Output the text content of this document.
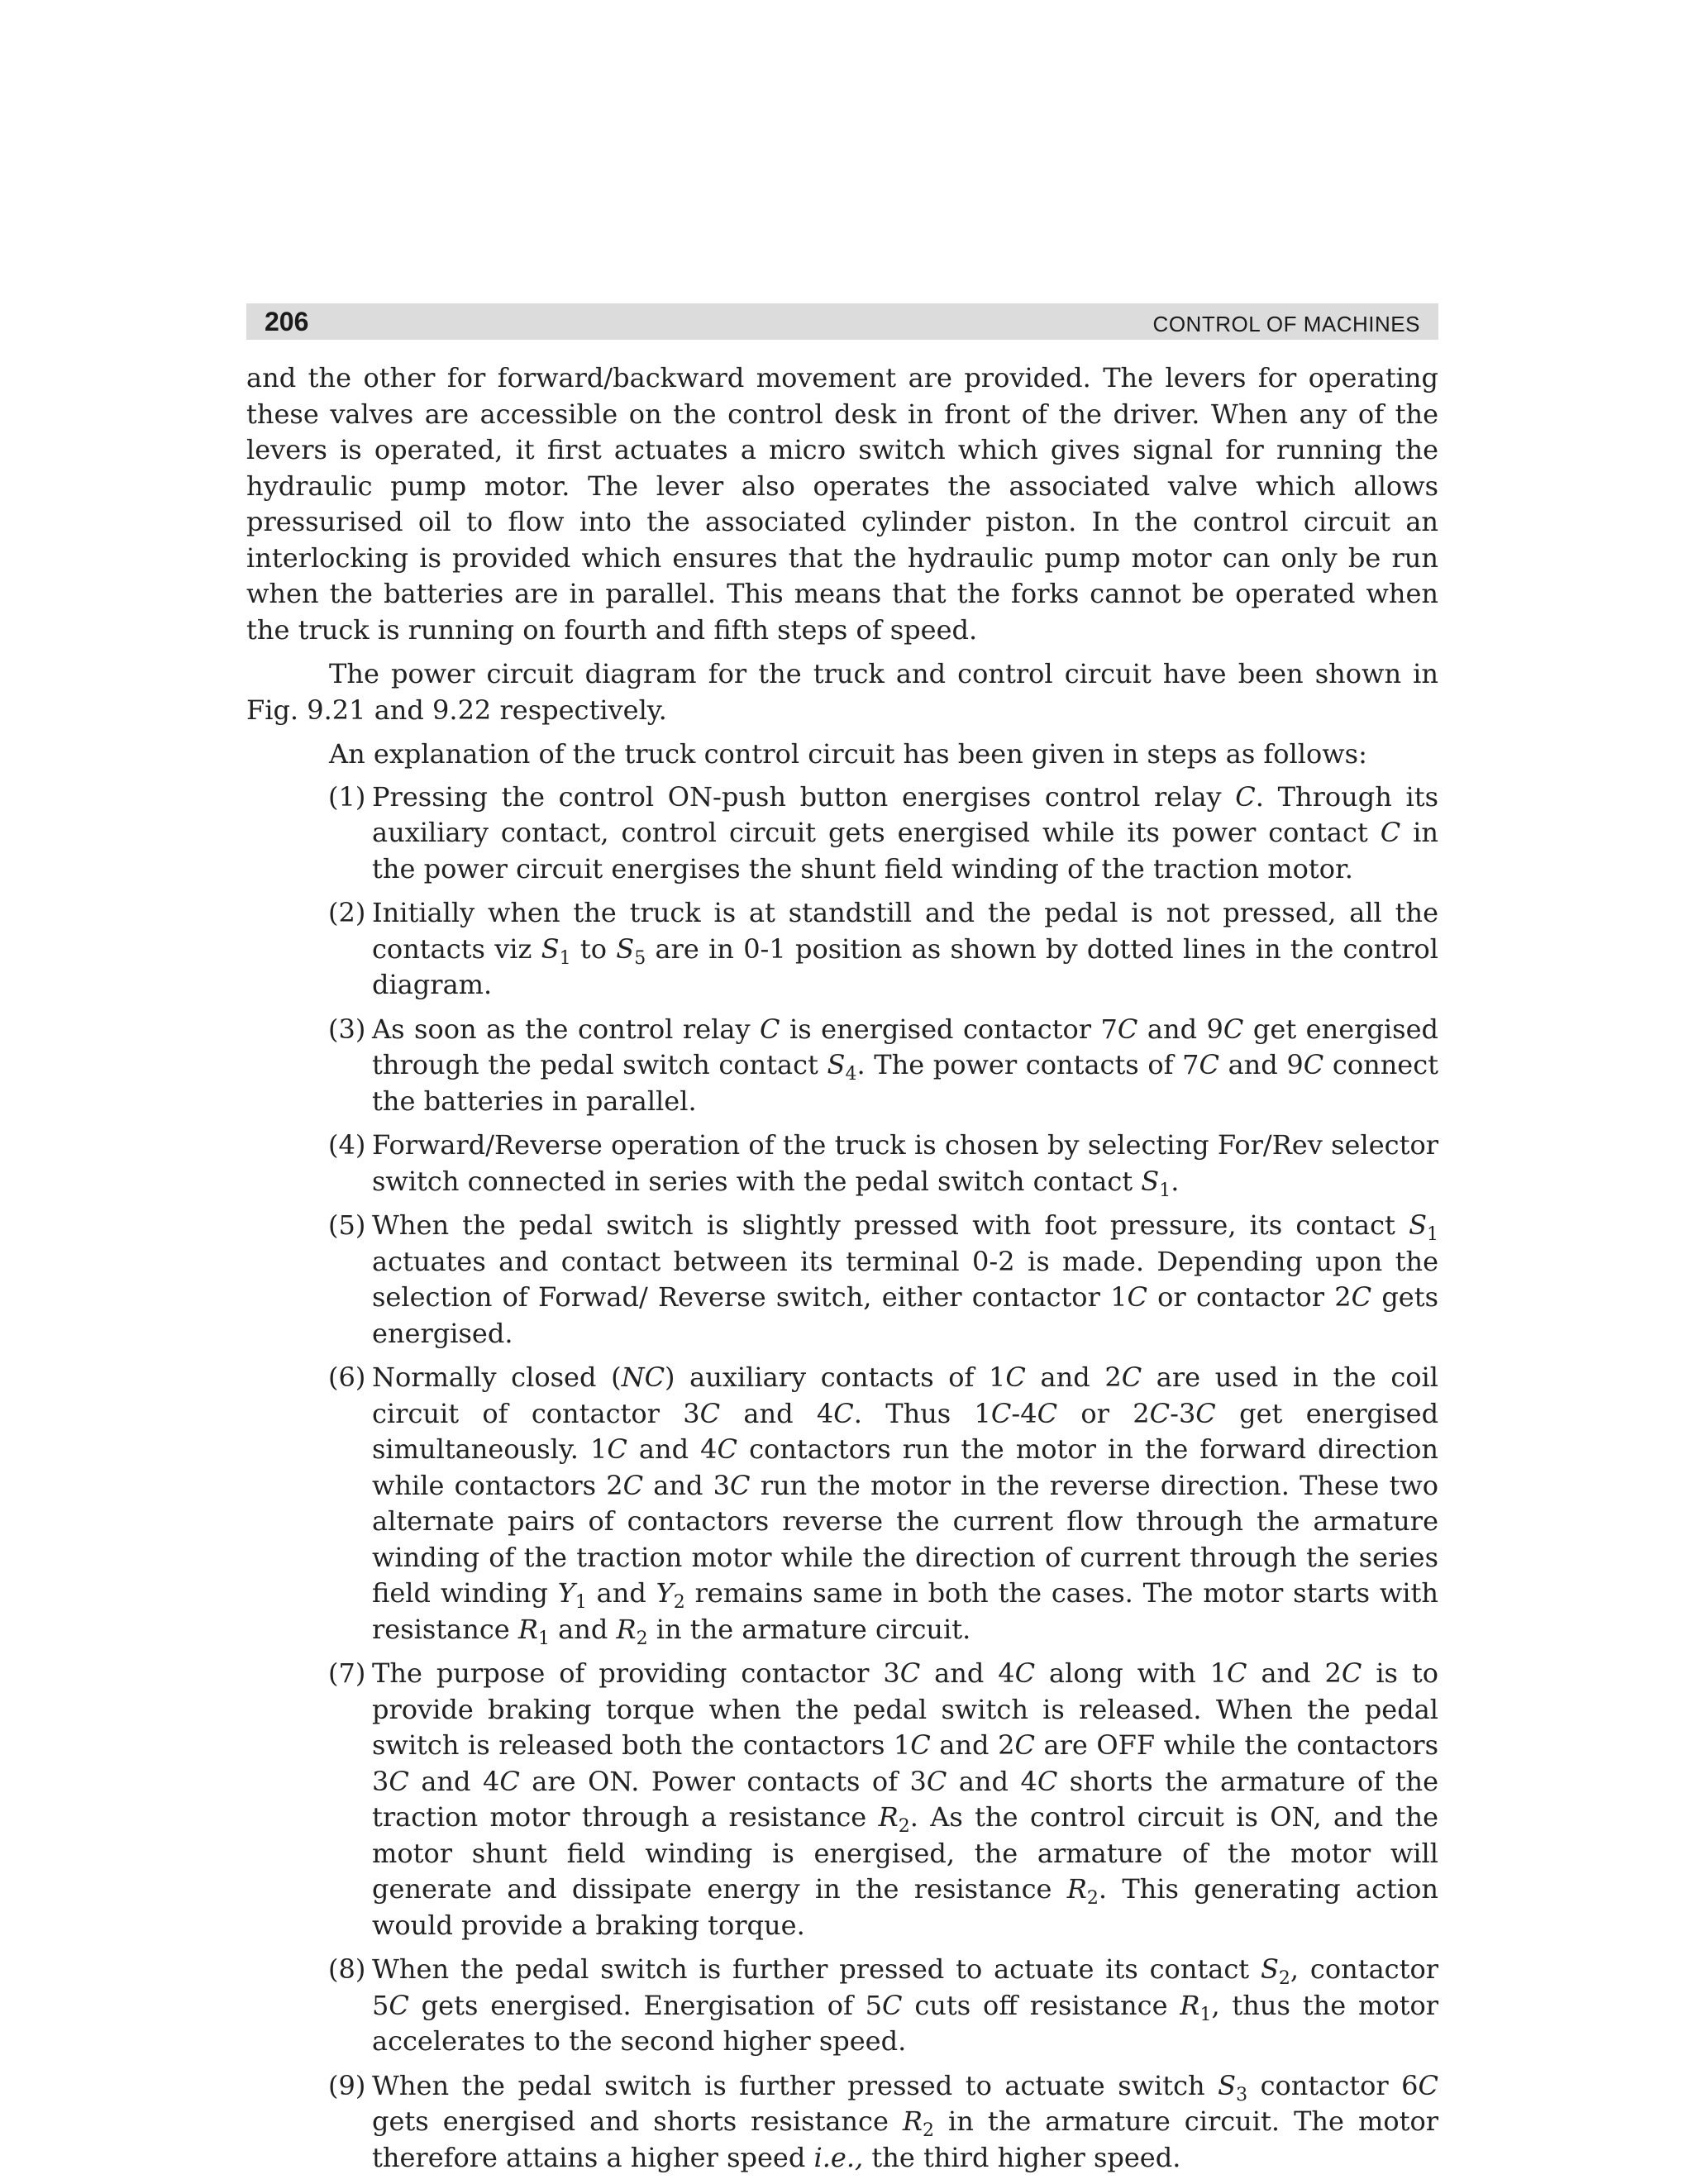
206	CONTROL OF MACHINES

and the other for forward/backward movement are provided. The levers for operating these valves are accessible on the control desk in front of the driver. When any of the levers is operated, it first actuates a micro switch which gives signal for running the hydraulic pump motor. The lever also operates the associated valve which allows pressurised oil to flow into the associated cylinder piston. In the control circuit an interlocking is provided which ensures that the hydraulic pump motor can only be run when the batteries are in parallel. This means that the forks cannot be operated when the truck is running on fourth and fifth steps of speed.

The power circuit diagram for the truck and control circuit have been shown in Fig. 9.21 and 9.22 respectively.

An explanation of the truck control circuit has been given in steps as follows:

(1) Pressing the control ON-push button energises control relay C. Through its auxiliary contact, control circuit gets energised while its power contact C in the power circuit energises the shunt field winding of the traction motor.
(2) Initially when the truck is at standstill and the pedal is not pressed, all the contacts viz $S_1$ to $S_5$ are in 0-1 position as shown by dotted lines in the control diagram.
(3) As soon as the control relay C is energised contactor 7C and 9C get energised through the pedal switch contact $S_4$. The power contacts of 7C and 9C connect the batteries in parallel.
(4) Forward/Reverse operation of the truck is chosen by selecting For/Rev selector switch connected in series with the pedal switch contact $S_1$.
(5) When the pedal switch is slightly pressed with foot pressure, its contact $S_1$ actuates and contact between its terminal 0-2 is made. Depending upon the selection of Forwad/ Reverse switch, either contactor 1C or contactor 2C gets energised.
(6) Normally closed (NC) auxiliary contacts of 1C and 2C are used in the coil circuit of contactor 3C and 4C. Thus 1C-4C or 2C-3C get energised simultaneously. 1C and 4C contactors run the motor in the forward direction while contactors 2C and 3C run the motor in the reverse direction. These two alternate pairs of contactors reverse the current flow through the armature winding of the traction motor while the direction of current through the series field winding $Y_1$ and $Y_2$ remains same in both the cases. The motor starts with resistance $R_1$ and $R_2$ in the armature circuit.
(7) The purpose of providing contactor 3C and 4C along with 1C and 2C is to provide braking torque when the pedal switch is released. When the pedal switch is released both the contactors 1C and 2C are OFF while the contactors 3C and 4C are ON. Power contacts of 3C and 4C shorts the armature of the traction motor through a resistance $R_2$. As the control circuit is ON, and the motor shunt field winding is energised, the armature of the motor will generate and dissipate energy in the resistance $R_2$. This generating action would provide a braking torque.
(8) When the pedal switch is further pressed to actuate its contact $S_2$, contactor 5C gets energised. Energisation of 5C cuts off resistance $R_1$, thus the motor accelerates to the second higher speed.
(9) When the pedal switch is further pressed to actuate switch $S_3$ contactor 6C gets energised and shorts resistance $R_2$ in the armature circuit. The motor therefore attains a higher speed i.e., the third higher speed.
